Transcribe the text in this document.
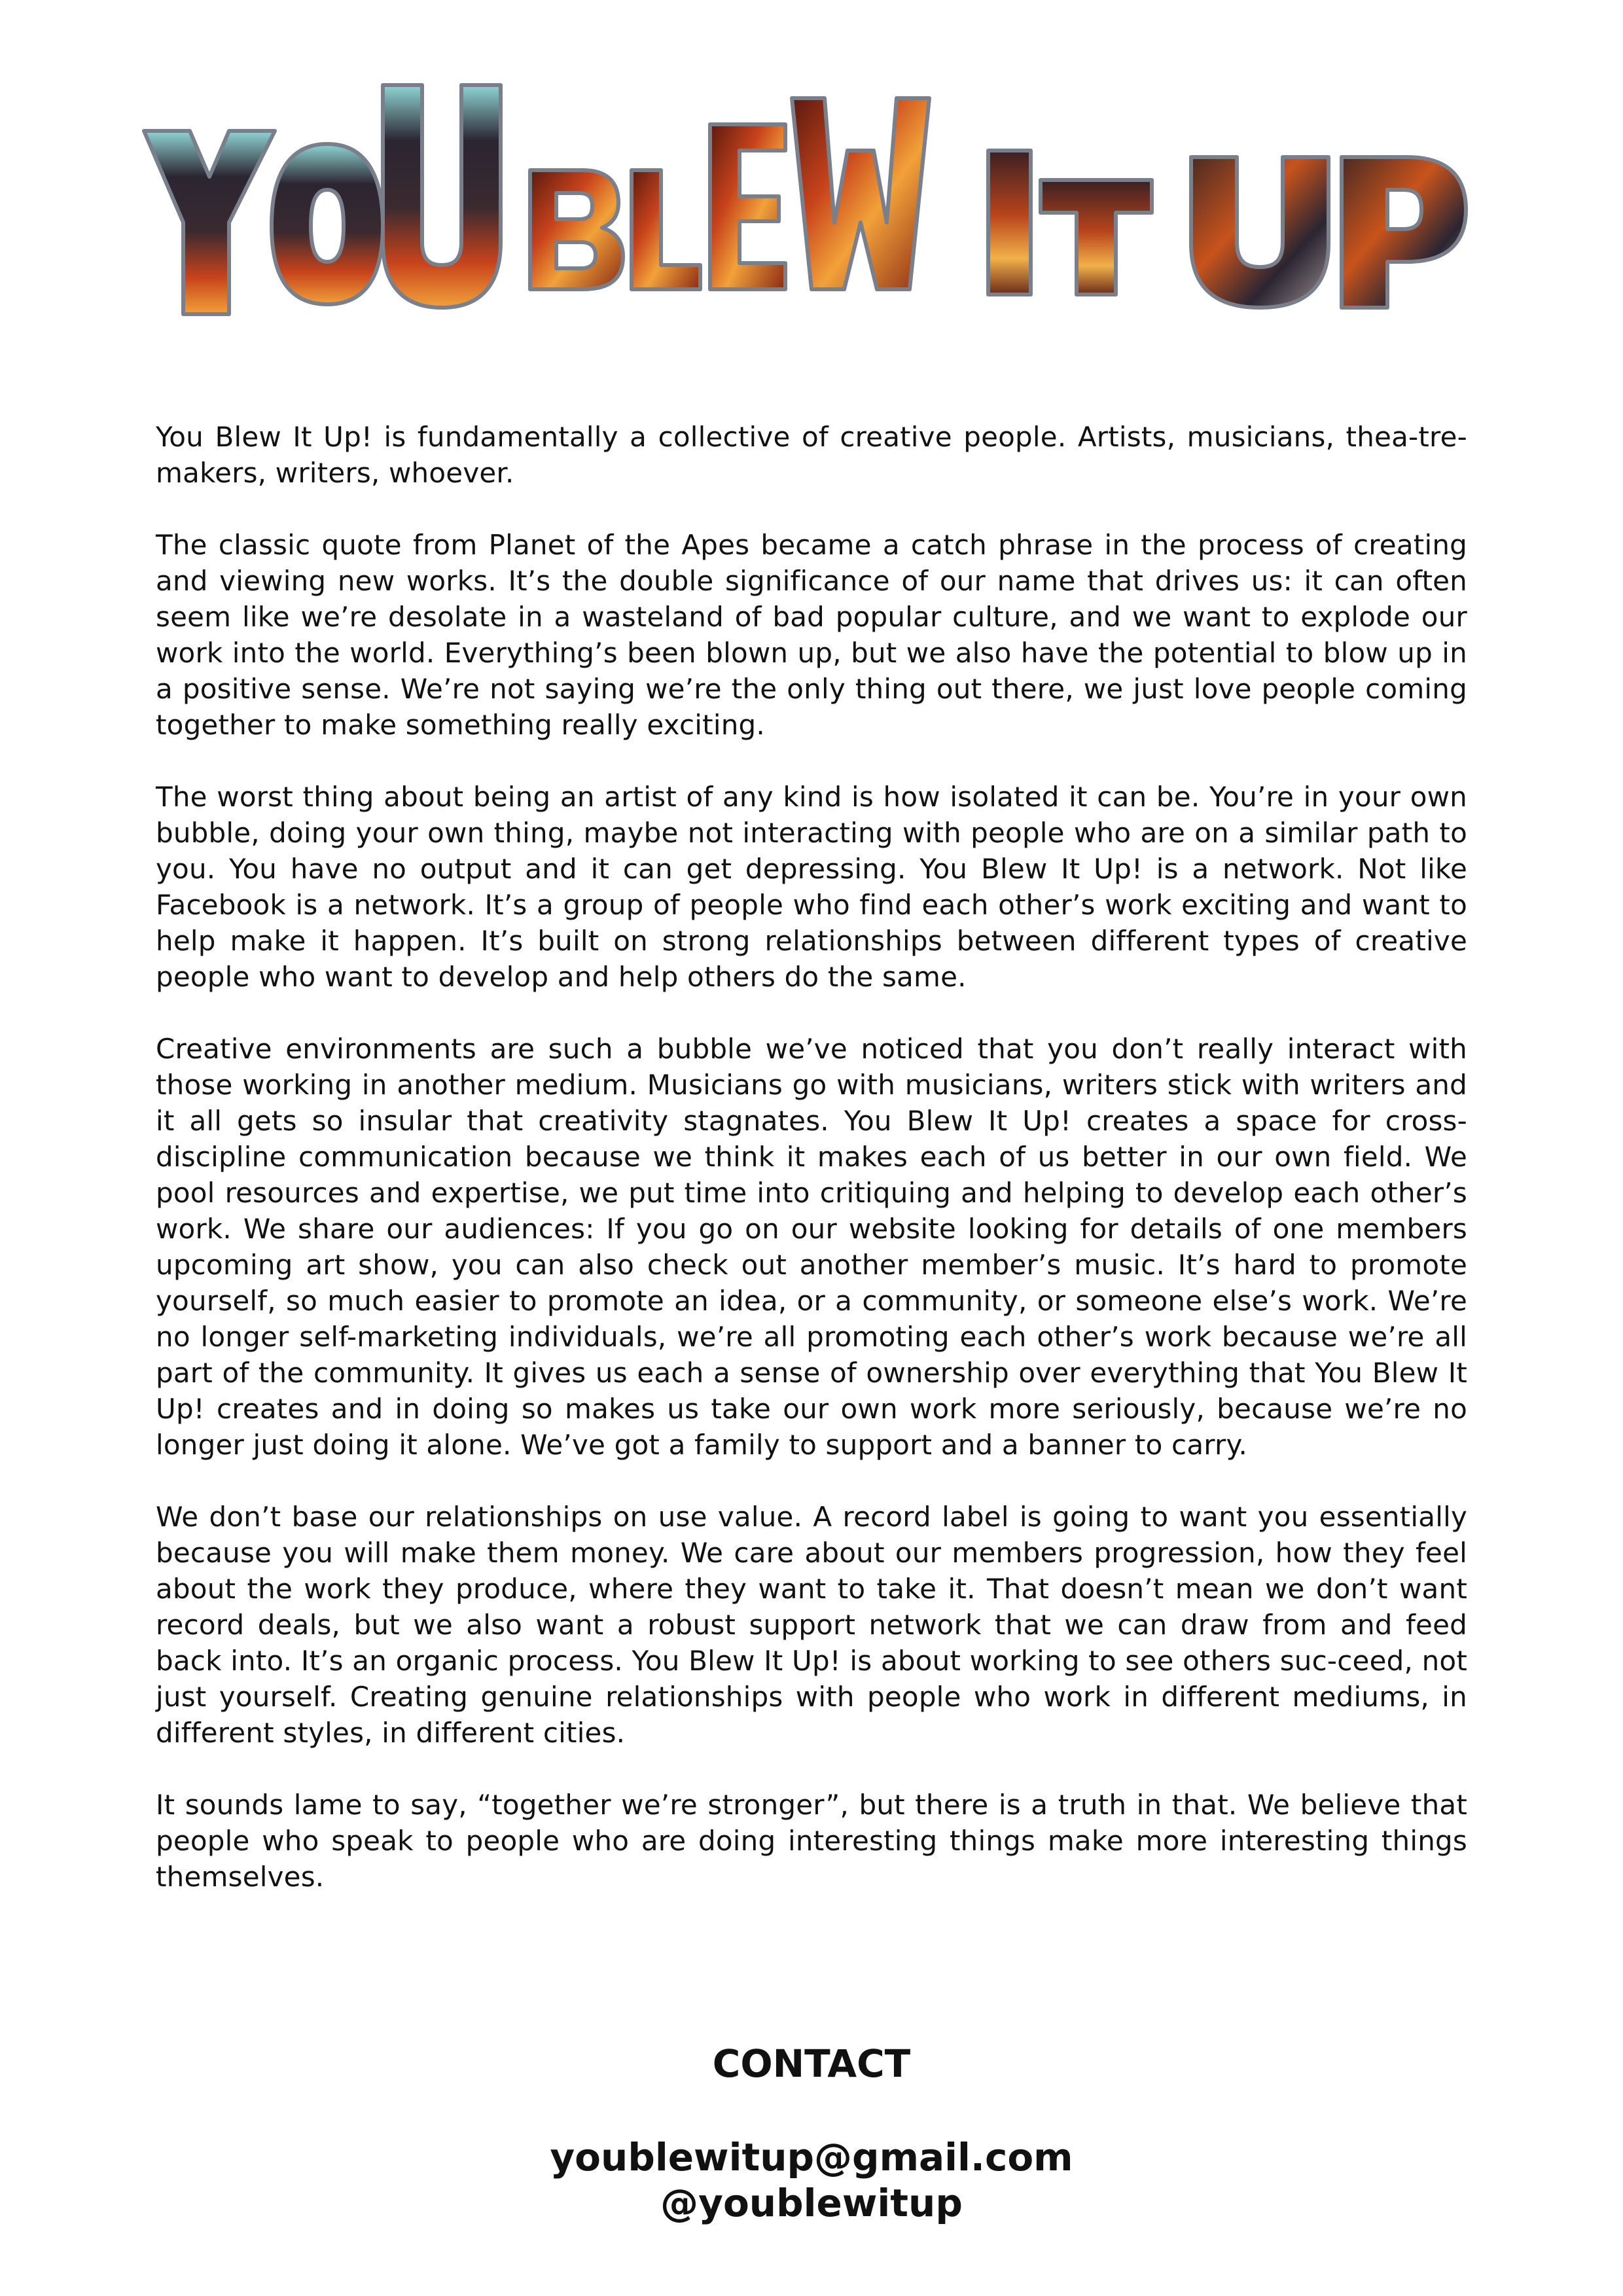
You Blew It Up! is fundamentally a collective of creative people. Artists, musicians, thea-tre-makers, writers, whoever.

The classic quote from Planet of the Apes became a catch phrase in the process of creating and viewing new works. It’s the double significance of our name that drives us: it can often seem like we’re desolate in a wasteland of bad popular culture, and we want to explode our work into the world. Everything’s been blown up, but we also have the potential to blow up in a positive sense. We’re not saying we’re the only thing out there, we just love people coming together to make something really exciting.

The worst thing about being an artist of any kind is how isolated it can be. You’re in your own bubble, doing your own thing, maybe not interacting with people who are on a similar path to you. You have no output and it can get depressing. You Blew It Up! is a network. Not like Facebook is a network. It’s a group of people who find each other’s work exciting and want to help make it happen. It’s built on strong relationships between different types of creative people who want to develop and help others do the same.

Creative environments are such a bubble we’ve noticed that you don’t really interact with those working in another medium. Musicians go with musicians, writers stick with writers and it all gets so insular that creativity stagnates. You Blew It Up! creates a space for cross-discipline communication because we think it makes each of us better in our own field. We pool resources and expertise, we put time into critiquing and helping to develop each other’s work. We share our audiences: If you go on our website looking for details of one members upcoming art show, you can also check out another member’s music. It’s hard to promote yourself, so much easier to promote an idea, or a community, or someone else’s work. We’re no longer self-marketing individuals, we’re all promoting each other’s work because we’re all part of the community. It gives us each a sense of ownership over everything that You Blew It Up! creates and in doing so makes us take our own work more seriously, because we’re no longer just doing it alone. We’ve got a family to support and a banner to carry.

We don’t base our relationships on use value. A record label is going to want you essentially because you will make them money. We care about our members progression, how they feel about the work they produce, where they want to take it. That doesn’t mean we don’t want record deals, but we also want a robust support network that we can draw from and feed back into. It’s an organic process. You Blew It Up! is about working to see others suc-ceed, not just yourself. Creating genuine relationships with people who work in different mediums, in different styles, in different cities.

It sounds lame to say, “together we’re stronger”, but there is a truth in that. We believe that people who speak to people who are doing interesting things make more interesting things themselves.

CONTACT
youblewitup@gmail.com
@youblewitup
